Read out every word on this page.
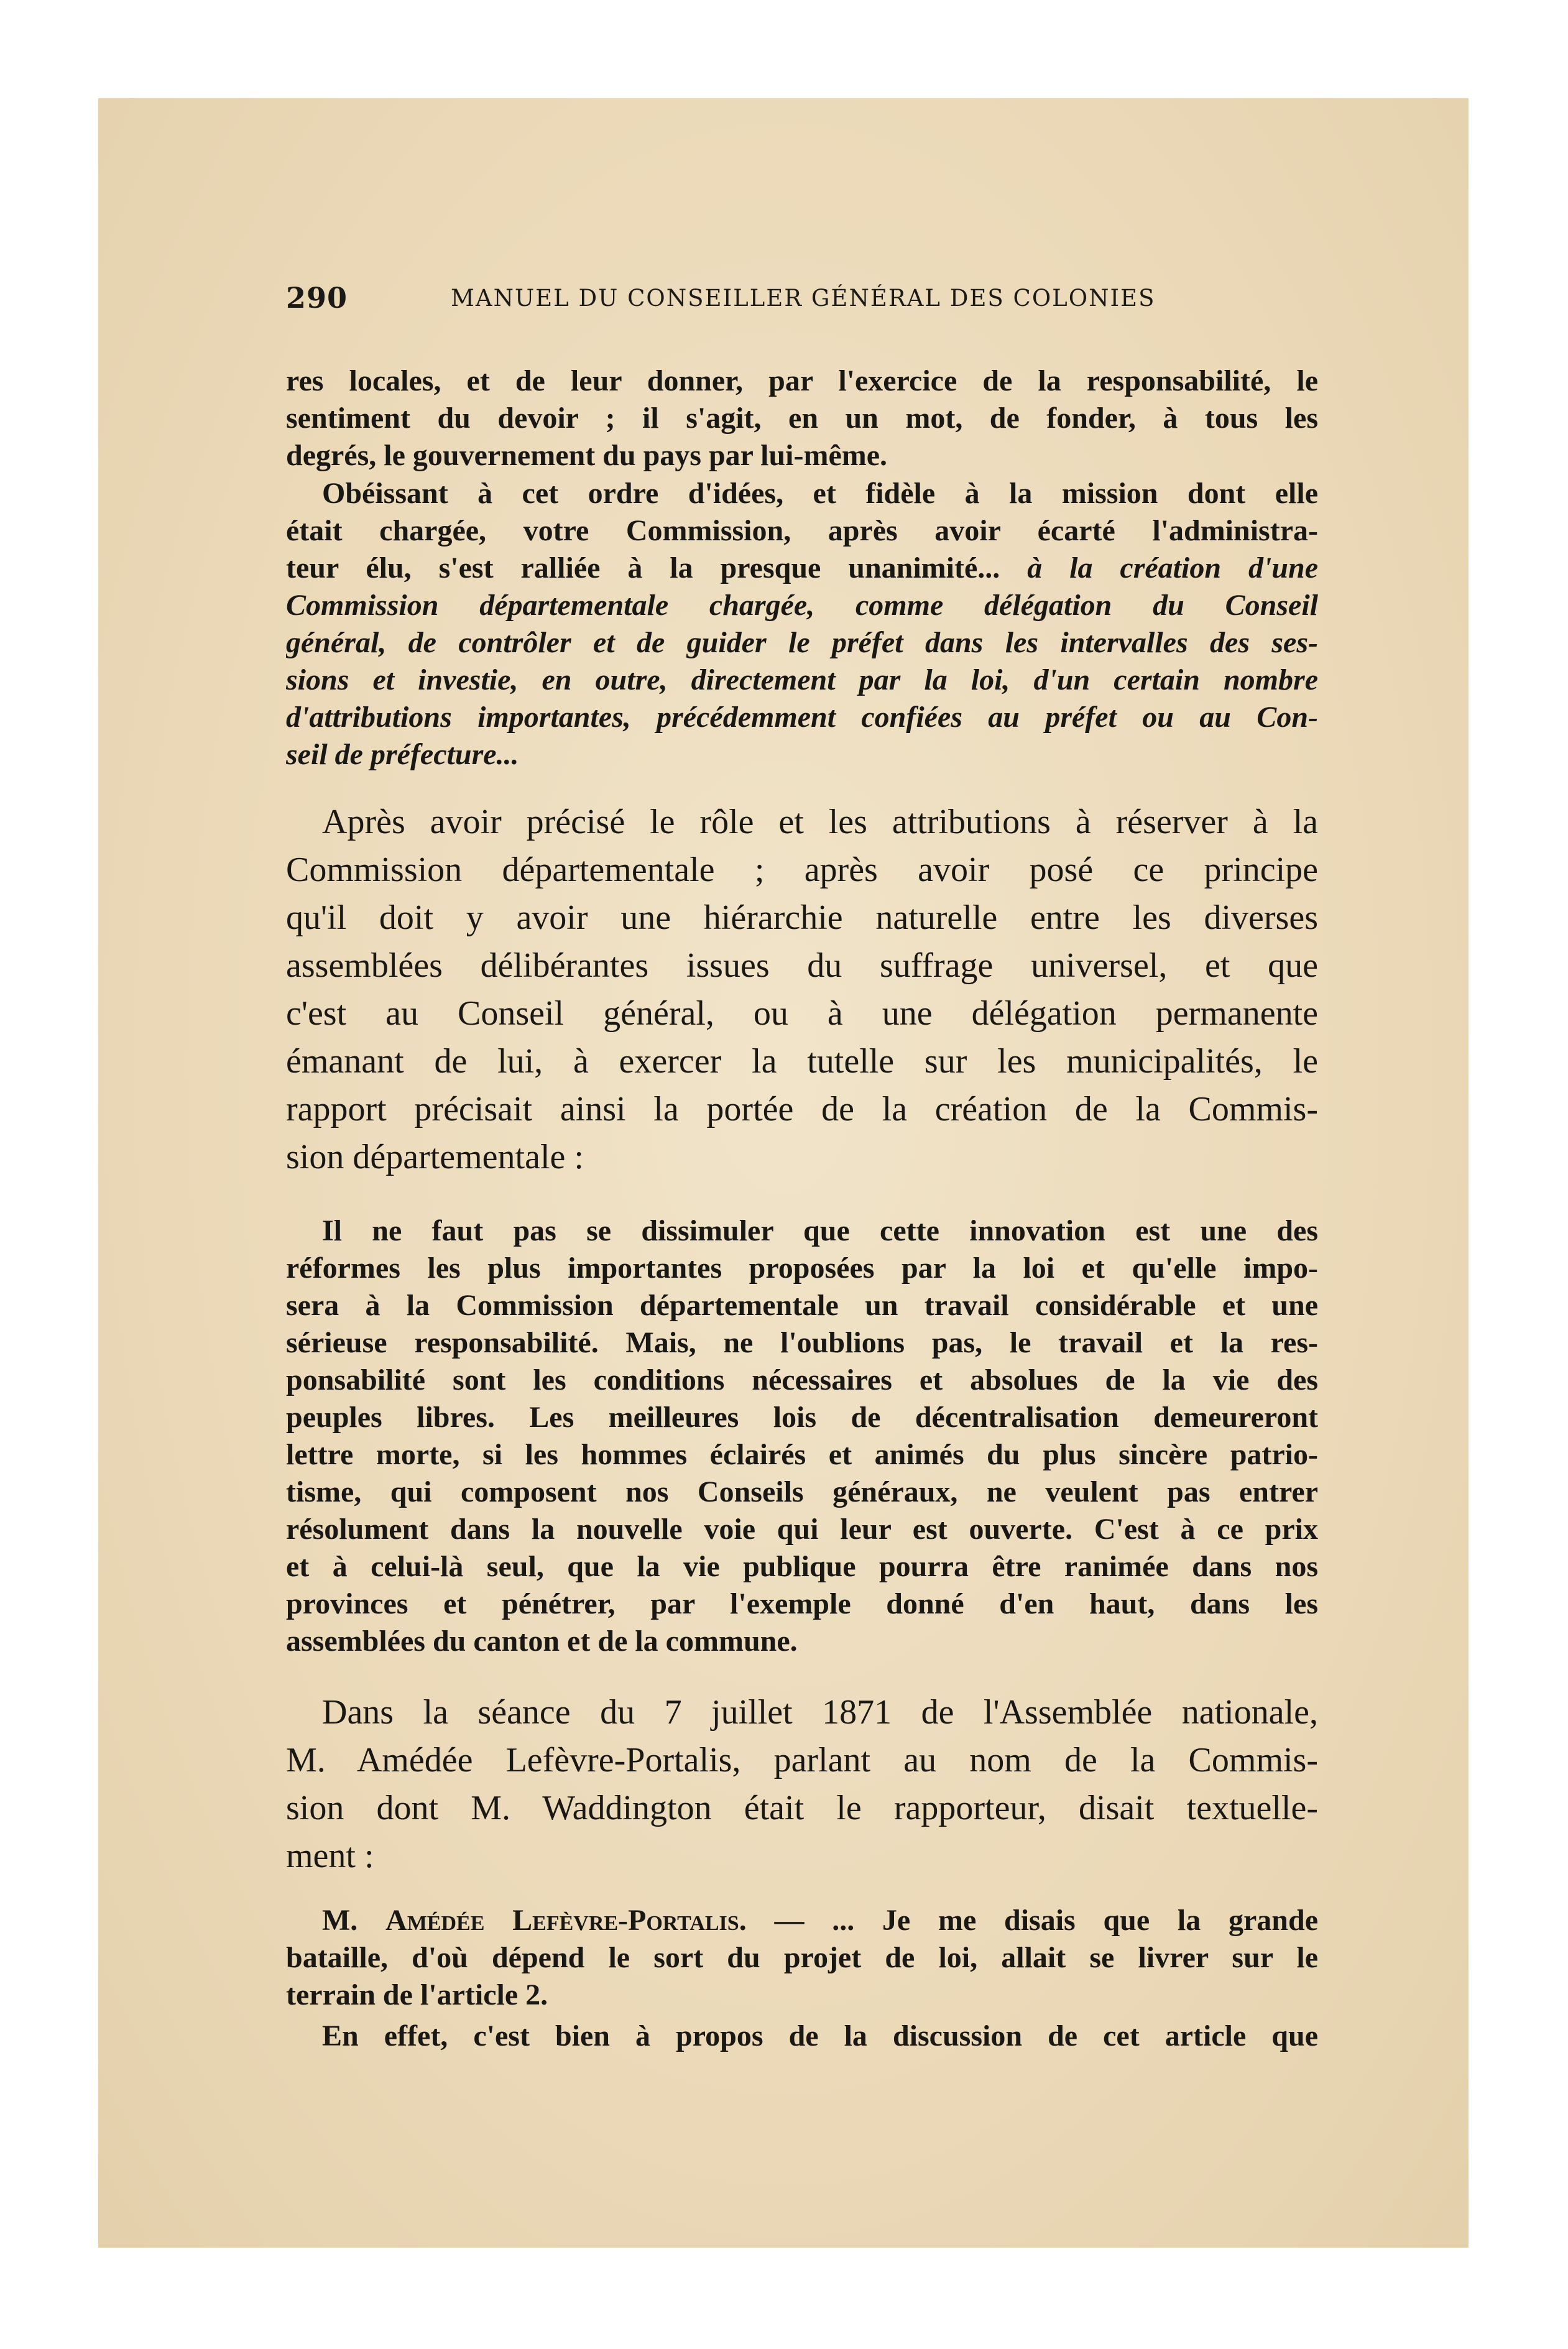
290	MANUEL DU CONSEILLER GÉNÉRAL DES COLONIES
res locales, et de leur donner, par l'exercice de la responsabilité, le
sentiment du devoir ; il s'agit, en un mot, de fonder, à tous les
degrés, le gouvernement du pays par lui-même.
Obéissant à cet ordre d'idées, et fidèle à la mission dont elle
était chargée, votre Commission, après avoir écarté l'administra-
teur élu, s'est ralliée à la presque unanimité... à la création d'une
Commission départementale chargée, comme délégation du Conseil
général, de contrôler et de guider le préfet dans les intervalles des ses-
sions et investie, en outre, directement par la loi, d'un certain nombre
d'attributions importantes, précédemment confiées au préfet ou au Con-
seil de préfecture...
Après avoir précisé le rôle et les attributions à réserver à la
Commission départementale ; après avoir posé ce principe
qu'il doit y avoir une hiérarchie naturelle entre les diverses
assemblées délibérantes issues du suffrage universel, et que
c'est au Conseil général, ou à une délégation permanente
émanant de lui, à exercer la tutelle sur les municipalités, le
rapport précisait ainsi la portée de la création de la Commis-
sion départementale :
Il ne faut pas se dissimuler que cette innovation est une des
réformes les plus importantes proposées par la loi et qu'elle impo-
sera à la Commission départementale un travail considérable et une
sérieuse responsabilité. Mais, ne l'oublions pas, le travail et la res-
ponsabilité sont les conditions nécessaires et absolues de la vie des
peuples libres. Les meilleures lois de décentralisation demeureront
lettre morte, si les hommes éclairés et animés du plus sincère patrio-
tisme, qui composent nos Conseils généraux, ne veulent pas entrer
résolument dans la nouvelle voie qui leur est ouverte. C'est à ce prix
et à celui-là seul, que la vie publique pourra être ranimée dans nos
provinces et pénétrer, par l'exemple donné d'en haut, dans les
assemblées du canton et de la commune.
Dans la séance du 7 juillet 1871 de l'Assemblée nationale,
M. Amédée Lefèvre-Portalis, parlant au nom de la Commis-
sion dont M. Waddington était le rapporteur, disait textuelle-
ment :
M. Amédée Lefèvre-Portalis. — ... Je me disais que la grande
bataille, d'où dépend le sort du projet de loi, allait se livrer sur le
terrain de l'article 2.
En effet, c'est bien à propos de la discussion de cet article que
